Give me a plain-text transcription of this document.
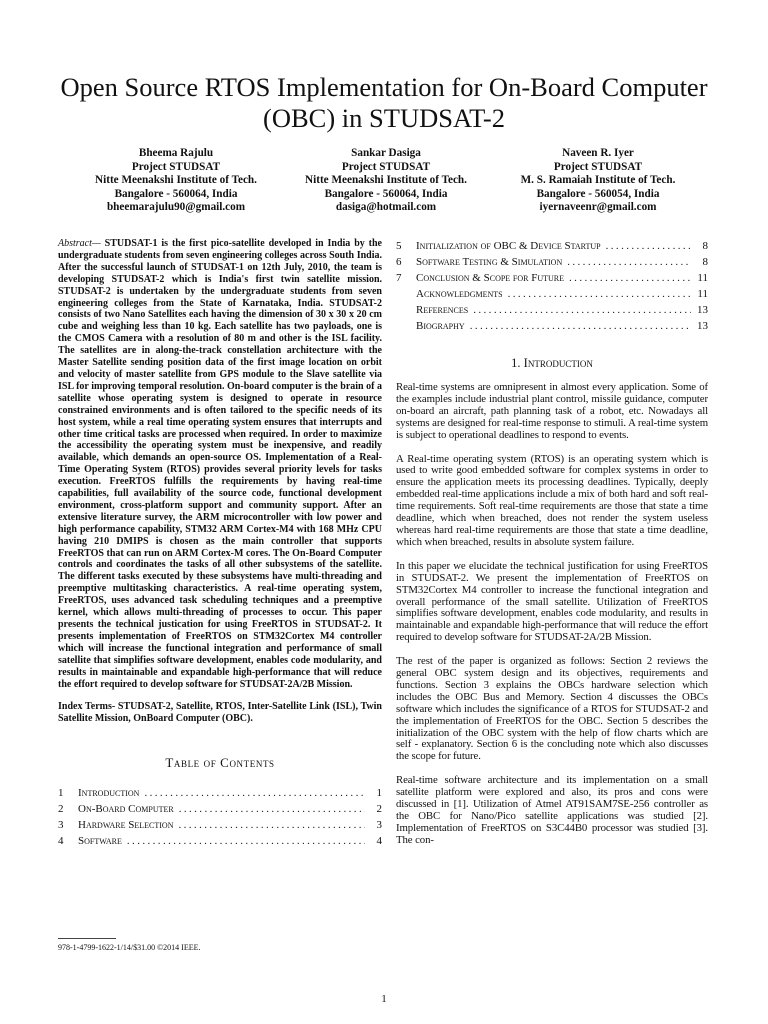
Open Source RTOS Implementation for On-Board Computer (OBC) in STUDSAT-2
Bheema Rajulu
Project STUDSAT
Nitte Meenakshi Institute of Tech.
Bangalore - 560064, India
bheemarajulu90@gmail.com
Sankar Dasiga
Project STUDSAT
Nitte Meenakshi Institute of Tech.
Bangalore - 560064, India
dasiga@hotmail.com
Naveen R. Iyer
Project STUDSAT
M. S. Ramaiah Institute of Tech.
Bangalore - 560054, India
iyernaveenr@gmail.com

Abstract— STUDSAT-1 is the first pico-satellite developed in India by the undergraduate students from seven engineering colleges across South India. After the successful launch of STUDSAT-1 on 12th July, 2010, the team is developing STUDSAT-2 which is India's first twin satellite mission. STUDSAT-2 is undertaken by the undergraduate students from seven engineering colleges from the State of Karnataka, India. STUDSAT-2 consists of two Nano Satellites each having the dimension of 30 x 30 x 20 cm cube and weighing less than 10 kg. Each satellite has two payloads, one is the CMOS Camera with a resolution of 80 m and other is the ISL facility. The satellites are in along-the-track constellation architecture with the Master Satellite sending position data of the first image location on orbit and velocity of master satellite from GPS module to the Slave satellite via ISL for improving temporal resolution. On-board computer is the brain of a satellite whose operating system is designed to operate in resource constrained environments and is often tailored to the specific needs of its host system, while a real time operating system ensures that interrupts and other time critical tasks are processed when required. In order to maximize the accessibility the operating system must be inexpensive, and readily available, which demands an open-source OS. Implementation of a Real-Time Operating System (RTOS) provides several priority levels for tasks execution. FreeRTOS fulfills the requirements by having real-time capabilities, full availability of the source code, functional development environment, cross-platform support and community support. After an extensive literature survey, the ARM microcontroller with low power and high performance capability, STM32 ARM Cortex-M4 with 168 MHz CPU having 210 DMIPS is chosen as the main controller that supports FreeRTOS that can run on ARM Cortex-M cores. The On-Board Computer controls and coordinates the tasks of all other subsystems of the satellite. The different tasks executed by these subsystems have multi-threading and preemptive multitasking characteristics. A real-time operating system, FreeRTOS, uses advanced task scheduling techniques and a preemptive kernel, which allows multi-threading of processes to occur. This paper presents the technical justication for using FreeRTOS in STUDSAT-2. It presents implementation of FreeRTOS on STM32Cortex M4 controller which will increase the functional integration and performance of small satellite that simplifies software development, enables code modularity, and results in maintainable and expandable high-performance that will reduce the effort required to develop software for STUDSAT-2A/2B Mission.

Index Terms- STUDSAT-2, Satellite, RTOS, Inter-Satellite Link (ISL), Twin Satellite Mission, OnBoard Computer (OBC).
Table of Contents
1	Introduction .....	1
2	On-Board Computer .....	2
3	Hardware Selection .....	3
4	Software .....	4
978-1-4799-1622-1/14/$31.00 ©2014 IEEE.
5	Initialization of OBC & Device Startup .....	8
6	Software Testing & Simulation .....	8
7	Conclusion & Scope for Future .....	11
Acknowledgments .....	11
References .....	13
Biography .....	13
1. Introduction

Real-time systems are omnipresent in almost every application. Some of the examples include industrial plant control, missile guidance, computer on-board an aircraft, path planning task of a robot, etc. Nowadays all systems are designed for real-time response to stimuli. A real-time system is subject to operational deadlines to respond to events.

A Real-time operating system (RTOS) is an operating system which is used to write good embedded software for complex systems in order to ensure the application meets its processing deadlines. Typically, deeply embedded real-time applications include a mix of both hard and soft real-time requirements. Soft real-time requirements are those that state a time deadline, which when breached, does not render the system useless whereas hard real-time requirements are those that state a time deadline, which when breached, results in absolute system failure.

In this paper we elucidate the technical justification for using FreeRTOS in STUDSAT-2. We present the implementation of FreeRTOS on STM32Cortex M4 controller to increase the functional integration and overall performance of the small satellite. Utilization of FreeRTOS simplifies software development, enables code modularity, and results in maintainable and expandable high-performance that will reduce the effort required to develop software for STUDSAT-2A/2B Mission.

The rest of the paper is organized as follows: Section 2 reviews the general OBC system design and its objectives, requirements and functions. Section 3 explains the OBCs hardware selection which includes the OBC Bus and Memory. Section 4 discusses the OBCs software which includes the significance of a RTOS for STUDSAT-2 and the implementation of FreeRTOS for the OBC. Section 5 describes the initialization of the OBC system with the help of flow charts which are self - explanatory. Section 6 is the concluding note which also discusses the scope for future.

Real-time software architecture and its implementation on a small satellite platform were explored and also, its pros and cons were discussed in [1]. Utilization of Atmel AT91SAM7SE-256 controller as the OBC for Nano/Pico satellite applications was studied [2]. Implementation of FreeRTOS on S3C44B0 processor was studied [3]. The con-

1
